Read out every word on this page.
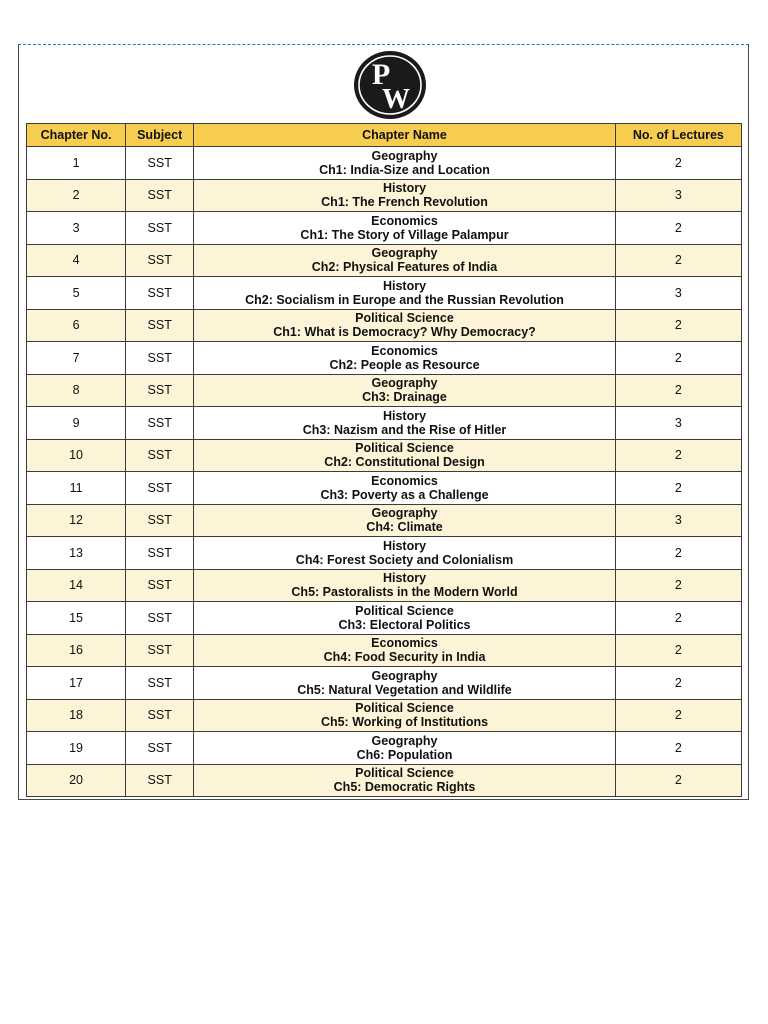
P
W
Chapter No.	Subject	Chapter Name	No. of Lectures
1	SST	Geography
Ch1: India-Size and Location	2
2	SST	History
Ch1: The French Revolution	3
3	SST	Economics
Ch1: The Story of Village Palampur	2
4	SST	Geography
Ch2: Physical Features of India	2
5	SST	History
Ch2: Socialism in Europe and the Russian Revolution	3
6	SST	Political Science
Ch1: What is Democracy? Why Democracy?	2
7	SST	Economics
Ch2: People as Resource	2
8	SST	Geography
Ch3: Drainage	2
9	SST	History
Ch3: Nazism and the Rise of Hitler	3
10	SST	Political Science
Ch2: Constitutional Design	2
11	SST	Economics
Ch3: Poverty as a Challenge	2
12	SST	Geography
Ch4: Climate	3
13	SST	History
Ch4: Forest Society and Colonialism	2
14	SST	History
Ch5: Pastoralists in the Modern World	2
15	SST	Political Science
Ch3: Electoral Politics	2
16	SST	Economics
Ch4: Food Security in India	2
17	SST	Geography
Ch5: Natural Vegetation and Wildlife	2
18	SST	Political Science
Ch5: Working of Institutions	2
19	SST	Geography
Ch6: Population	2
20	SST	Political Science
Ch5: Democratic Rights	2
